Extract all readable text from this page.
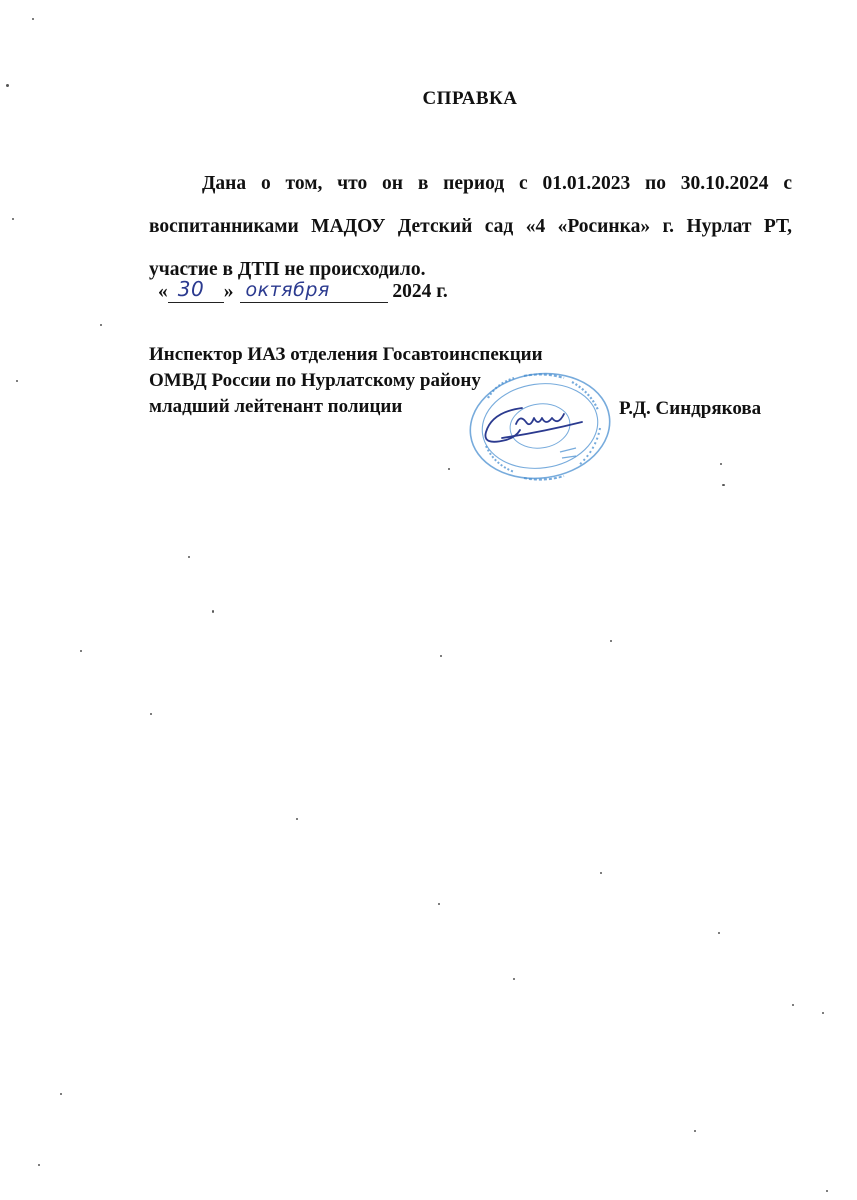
СПРАВКА
Дана о том, что он в период с 01.01.2023 по 30.10.2024 с воспитанниками МАДОУ Детский сад «4 «Росинка» г. Нурлат РТ, участие в ДТП не происходило.
« 30 » октября	2024 г.
Инспектор ИАЗ отделения Госавтоинспекции
ОМВД России по Нурлатскому району
младший лейтенант полиции	Р.Д. Синдрякова
